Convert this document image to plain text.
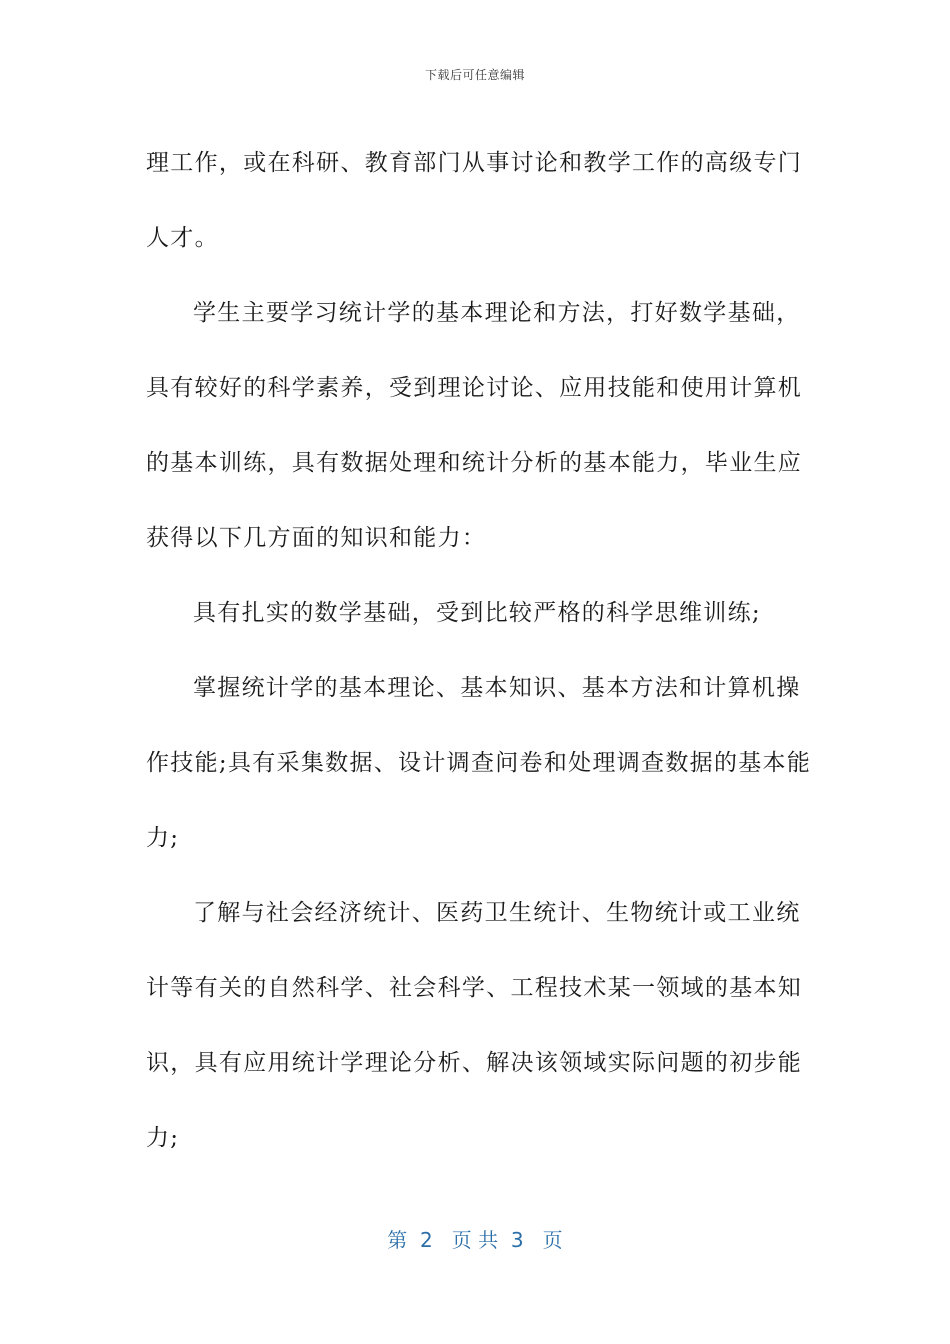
下载后可任意编辑

理工作，或在科研、教育部门从事讨论和教学工作的高级专门

人才。

学生主要学习统计学的基本理论和方法，打好数学基础，

具有较好的科学素养，受到理论讨论、应用技能和使用计算机

的基本训练，具有数据处理和统计分析的基本能力，毕业生应

获得以下几方面的知识和能力：

具有扎实的数学基础，受到比较严格的科学思维训练;

掌握统计学的基本理论、基本知识、基本方法和计算机操

作技能;具有采集数据、设计调查问卷和处理调查数据的基本能

力;

了解与社会经济统计、医药卫生统计、生物统计或工业统

计等有关的自然科学、社会科学、工程技术某一领域的基本知

识，具有应用统计学理论分析、解决该领域实际问题的初步能

力;

第  2   页 共  3   页
